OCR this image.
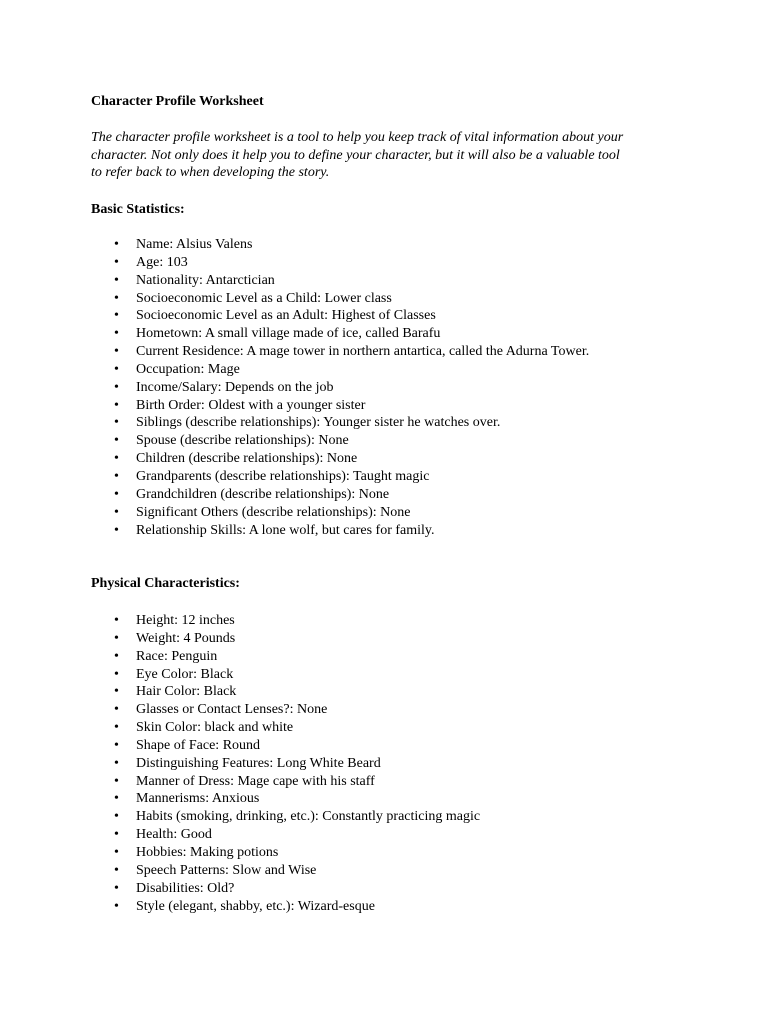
Character Profile Worksheet

The character profile worksheet is a tool to help you keep track of vital information about your
character. Not only does it help you to define your character, but it will also be a valuable tool
to refer back to when developing the story.

Basic Statistics:
• Name: Alsius Valens
• Age: 103
• Nationality: Antarctician
• Socioeconomic Level as a Child: Lower class
• Socioeconomic Level as an Adult: Highest of Classes
• Hometown: A small village made of ice, called Barafu
• Current Residence: A mage tower in northern antartica, called the Adurna Tower.
• Occupation: Mage
• Income/Salary: Depends on the job
• Birth Order: Oldest with a younger sister
• Siblings (describe relationships): Younger sister he watches over.
• Spouse (describe relationships): None
• Children (describe relationships): None
• Grandparents (describe relationships): Taught magic
• Grandchildren (describe relationships): None
• Significant Others (describe relationships): None
• Relationship Skills: A lone wolf, but cares for family.
Physical Characteristics:
• Height: 12 inches
• Weight: 4 Pounds
• Race: Penguin
• Eye Color: Black
• Hair Color: Black
• Glasses or Contact Lenses?: None
• Skin Color: black and white
• Shape of Face: Round
• Distinguishing Features: Long White Beard
• Manner of Dress: Mage cape with his staff
• Mannerisms: Anxious
• Habits (smoking, drinking, etc.): Constantly practicing magic
• Health: Good
• Hobbies: Making potions
• Speech Patterns: Slow and Wise
• Disabilities: Old?
• Style (elegant, shabby, etc.): Wizard-esque
